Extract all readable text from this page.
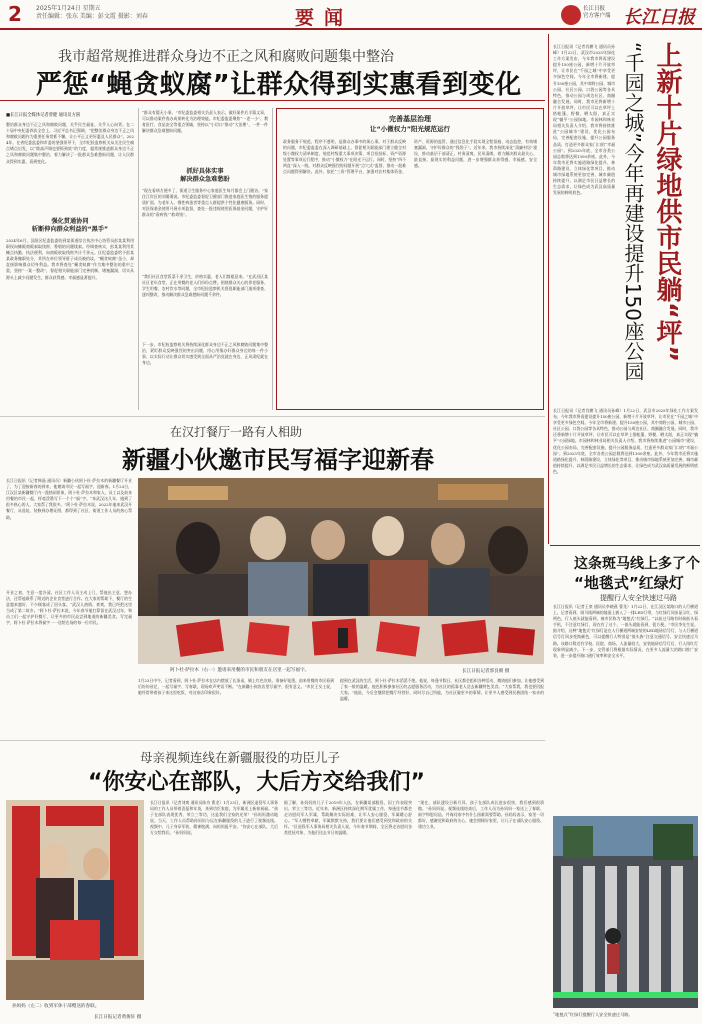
2 2025年1月24日 星期五
责任编辑：张东 美编：彭文霞 摄影：刘春	要闻	长江日报
官方客户端 长江日报
我市超常规推进群众身边不正之风和腐败问题集中整治
严惩“蝇贪蚁腐”让群众得到实惠看到变化
■长江日报全媒体记者曾健 通讯员方圆
整治群众身边不正之风和腐败问题，关乎民生福祉、关乎人心向背。在二十届中央纪委四次全会上，习近平总书记强调，“把整治群众身边不正之风和腐败问题作为重要任务常抓不懈，让公平正义更好惠及人民群众”。2024年，在省纪委监委和市委的坚强领导下，全市纪检监察机关从关注民生痛点堵点出发，以“拨高声调也要抓到底”的力度，超常规推进群众身边不正之风和腐败问题集中整治，着力解决了一批群众急难愁盼问题，让人民群众得到实惠、看到变化。
强化贯通协同
斩断伸向群众利益的“黑手”
2024年6月，汉阳区纪委监委收到某街道综合执法中心协管员彭某某利用职权向摊贩商贩索取钱财、香烟的问题线索。经调查核实，彭某某利用其摊点执勤、执法便利，向商贩收取钱财共计千余元。区纪委监委给予彭某某政务撤职处分，其所在单位领导班子成员被约谈。“蝇贪蚁腐”虽小，却直接影响群众切身利益。我市将查处“蝇贪蚁腐”作为集中整治的重中之重，坚持“一案一整改”，督促相关职能部门完善机制、堵塞漏洞，切实从源头上减少问题发生。群众获得感、幸福感显著提升。
“群众有疑无小事。”市纪委监委相关负责人表示，做好案件后半篇文章，可以推动案件查办成果转化为治理效能。市纪委监委聚焦“一老一小”、教育医疗、食品安全等重点领域，坚持以“小切口”推动“大治理”，一件一件解决群众急难愁盼问题。
抓好具体实事
解决群众急难愁盼
“现在看病方便多了，街道卫生服务中心家庭医生每月都会上门随访。”家住江岸区的刘婆婆说。市纪委监委督促卫健部门推进家庭医生签约服务提质扩面，为老年人、慢性病患者等重点人群提供个性化健康服务。同时，对医保基金使用开展专项监督，查处一批违规使用医保基金问题，守护好群众的“看病钱”“救命钱”。
“我们社区食堂饭菜干净卫生，价格实惠，老人们都愿意来。”在武昌区某社区老年食堂，正在用餐的老人们纷纷点赞。围绕群众关心的养老服务、学生用餐、农村饮水等问题，全市纪检监察机关督促职能部门逐项排查、逐项整改，推动解决群众急难愁盼问题千余件。
下一步，市纪检监察机关将持续深化群众身边不正之风和腐败问题集中整治，紧盯群众反映强烈的突出问题，用心用情办好群众身边的每一件小事，以实际行动让群众切实感受到全面从严治党就在身边、正风肃纪就在身边。
完善基层治理
让“小微权力”阳光规范运行
政务服务不规范、程序不透明，是群众办事中的烦心事。对于群众反映的问题，市纪委监委在深入调研基础上，督促相关职能部门建立健全村级小微权力清单制度，规范村级重大事项决策、项目招投标、资产资源处置等事项运行程序，推动“小微权力”在阳光下运行。同时，坚持“四不两直”深入一线，对群众反映强烈的问题开展“点穴式”监督，推动一批难点问题得到解决。此外，依托“三资”管理平台，加强对农村集体资金、资产、资源的监管，通过信息化手段实现全程留痕、动态监控，有效堵塞漏洞，守护好群众的“钱袋子”。近年来，我市持续深化“清廉村居”建设，推动基层干部清正、村务清爽、民风清朗。着力解决群众最关心、最直接、最现实的利益问题，进一步增强群众获得感、幸福感、安全感。	上新十片绿地供市民躺“坪”
“千园之城”今年再建设提升150座公园
长江日报讯（记者肖鹏飞 通讯员孙峰）1月22日，武汉市2025年绿化工作方案发布，今年我市将再建设提升150座公园，新增十片开放草坪，让市民在“千园之城”中享受更多绿色空间。今年全市将新建、提升150座公园，其中郊野公园、城市公园、社区公园、口袋公园等各具特色，推动公园与周边社区、商圈融合发展。同时，我市还将新增十片开放草坪，让市民可以在草坪上搭帐篷、野餐、晒太阳，真正实现“躺平”公园绿地。市园林和林业局相关负责人介绍，我市将持续推进“公园城市”建设，优化公园布局，完善配套设施，提升公园服务品质，打造更多群众家门口的“幸福公园”。到2025年底，全市各类公园总数将达到1300余座。此外，今年我市还将实施道路绿化提升、林荫路建设、立体绿化等项目，推动城市绿地系统更加完善，城市颜值持续提升，以满足市民日益增长的生态需求，让绿色成为武汉高质量发展的鲜明底色。
长江日报讯（记者肖鹏飞 通讯员孙峰）1月22日，武汉市2025年绿化工作方案发布，今年我市将再建设提升150座公园，新增十片开放草坪，让市民在“千园之城”中享受更多绿色空间。今年全市将新建、提升150座公园，其中郊野公园、城市公园、社区公园、口袋公园等各具特色，推动公园与周边社区、商圈融合发展。同时，我市还将新增十片开放草坪，让市民可以在草坪上搭帐篷、野餐、晒太阳，真正实现“躺平”公园绿地。市园林和林业局相关负责人介绍，我市将持续推进“公园城市”建设，优化公园布局，完善配套设施，提升公园服务品质，打造更多群众家门口的“幸福公园”。到2025年底，全市各类公园总数将达到1300余座。此外，今年我市还将实施道路绿化提升、林荫路建设、立体绿化等项目，推动城市绿地系统更加完善，城市颜值持续提升，以满足市民日益增长的生态需求，让绿色成为武汉高质量发展的鲜明底色。
在汉打餐厅一路有人相助
新疆小伙邀市民写福字迎新春
长江日报讯（记者韩晶 通讯员）新疆小伙阿卜杜·萨拉木的新疆餐厅开业了，为了迎接新春的到来，他邀请市民一起写福字、迎新春。1月23日，江汉区某新疆餐厅内一派热闹景象，阿卜杜·萨拉木和家人、员工以及前来用餐的市民一起，挥毫泼墨写下一个个“福”字。“来武汉这几年，遇到了很多热心的人，大家帮了我很多。”阿卜杜·萨拉木说，2022年他来武汉开餐厅，从选址、装修到办理证照，都得到了社区、街道工作人员的热心帮助。
开业之初，生意一度冷清。社区工作人员主动上门，帮他出主意、想办法，还帮他联系了附近的企业食堂进行合作。在大家的帮助下，餐厅的生意越来越好，不少顾客成了回头客。“武汉人热情、豪爽，我已经把这里当成了第二故乡。”阿卜杜·萨拉木说，今年春节他打算留在武汉过年，和员工们一起守护好餐厅，让更多的市民品尝到地道的新疆美食。写完福字，阿卜杜·萨拉木将福字一一送给在场的每一位市民。
阿卜杜·萨拉木（右一）邀请来用餐的市民和朋友在店里一起写福字。	长江日报记者郭良朝 摄
1月23日中午，记者看到，阿卜杜·萨拉木在店内摆放了长条桌，铺上红色宣纸，准备好笔墨。前来用餐的市民看到后纷纷驻足，一起写福字、写春联，现场欢声笑语不断。“在新疆小伙的店里写福字，很有意义。”市民王女士说，她经常带着孩子来这里吃饭，对这家店印象很好。
提到在武汉的生活，阿卜杜·萨拉木滔滔不绝。他说，每逢节假日，社区都会组织各种活动，邀请他们参加，让他感受到了家一般的温暖。他也积极参加社区的志愿服务活动，为社区的孤寡老人送去新疆特色美食。“大家帮我，我也要回报大家。”他说，今后会继续把餐厅经营好，同时尽自己所能，为社区做更多的事情，让更多人感受到民族团结一家亲的温暖。
这条斑马线上多了个
“地毯式”红绿灯
提醒行人安全快速过马路
长江日报讯（记者王豪 通讯员李晓燕 曹龙）1月22日，在江汉区某路口的人行横道上，记者看到，斑马线两端的地面上嵌入了一排LED灯带，与红绿灯同步显示红、绿两色，行人低头就能看到，被市民称为“地毯式”红绿灯。“以前过马路有时候低头看手机，不注意红绿灯，现在有了这个，一低头就能看到，很方便。”市民李先生说。据介绍，这种“地毯式”红绿灯是在人行横道两端安装的LED地砖信号灯，与人行横道信号灯同步变换颜色，可以提醒行人特别是“低头族”注意交通信号，安全快速过马路。该路口附近有学校、医院、商场，人流量较大，安装地砖信号灯后，行人闯红灯现象明显减少。下一步，交管部门将根据实际情况，在更多人流量大的路口推广安装，进一步提升路口通行效率和安全水平。
“地毯式”红绿灯提醒行人安全快速过马路。
母亲视频连线在新疆服役的功臣儿子
“你安心在部队，大后方交给我们”
孙妈妈（左二）收到军休干部赠送的春联。
长江日报记者黄俊轩 摄
长江日报讯（记者刘爽 通讯员陈舟 曹龙）1月23日，新洲区退役军人事务局的工作人员带着喜报和年货，来到功臣家庭，为军属送上新春祝福。“孩子在部队表现优秀，荣立三等功，这是我们全家的光荣！”孙妈妈激动地说。当天，工作人员帮助孙妈妈与远在新疆服役的儿子进行了视频连线。视频中，儿子身穿军装，精神饱满，向妈妈报平安。“你安心在部队，大后方交给我们。”孙妈妈说。
据了解，孙妈妈的儿子于2019年入伍，在新疆某部服役，因工作表现突出，荣立三等功。近年来，新洲区持续深化拥军优属工作，每逢佳节都会走访慰问军人军属，帮助解决实际困难，让军人安心服役、军属暖心舒心。“军人牺牲奉献，军属默默支持，我们要让他们感受到党和政府的关怀。”区退役军人事务局相关负责人说，今年春节期间，全区将走访慰问各类优抚对象，为他们送去节日的温暖。
“现在，部队建设日新月异，孩子在部队成长进步很快，我们感到很骄傲。”孙妈妈说。视频连线结束后，工作人员为孙妈妈一家送上了春联、福字和慰问品，并询问家中有什么困难需要帮助。孙妈妈表示，家里一切都好，感谢党和政府的关心，她会照顾好家里，让儿子在部队安心服役、建功立业。
